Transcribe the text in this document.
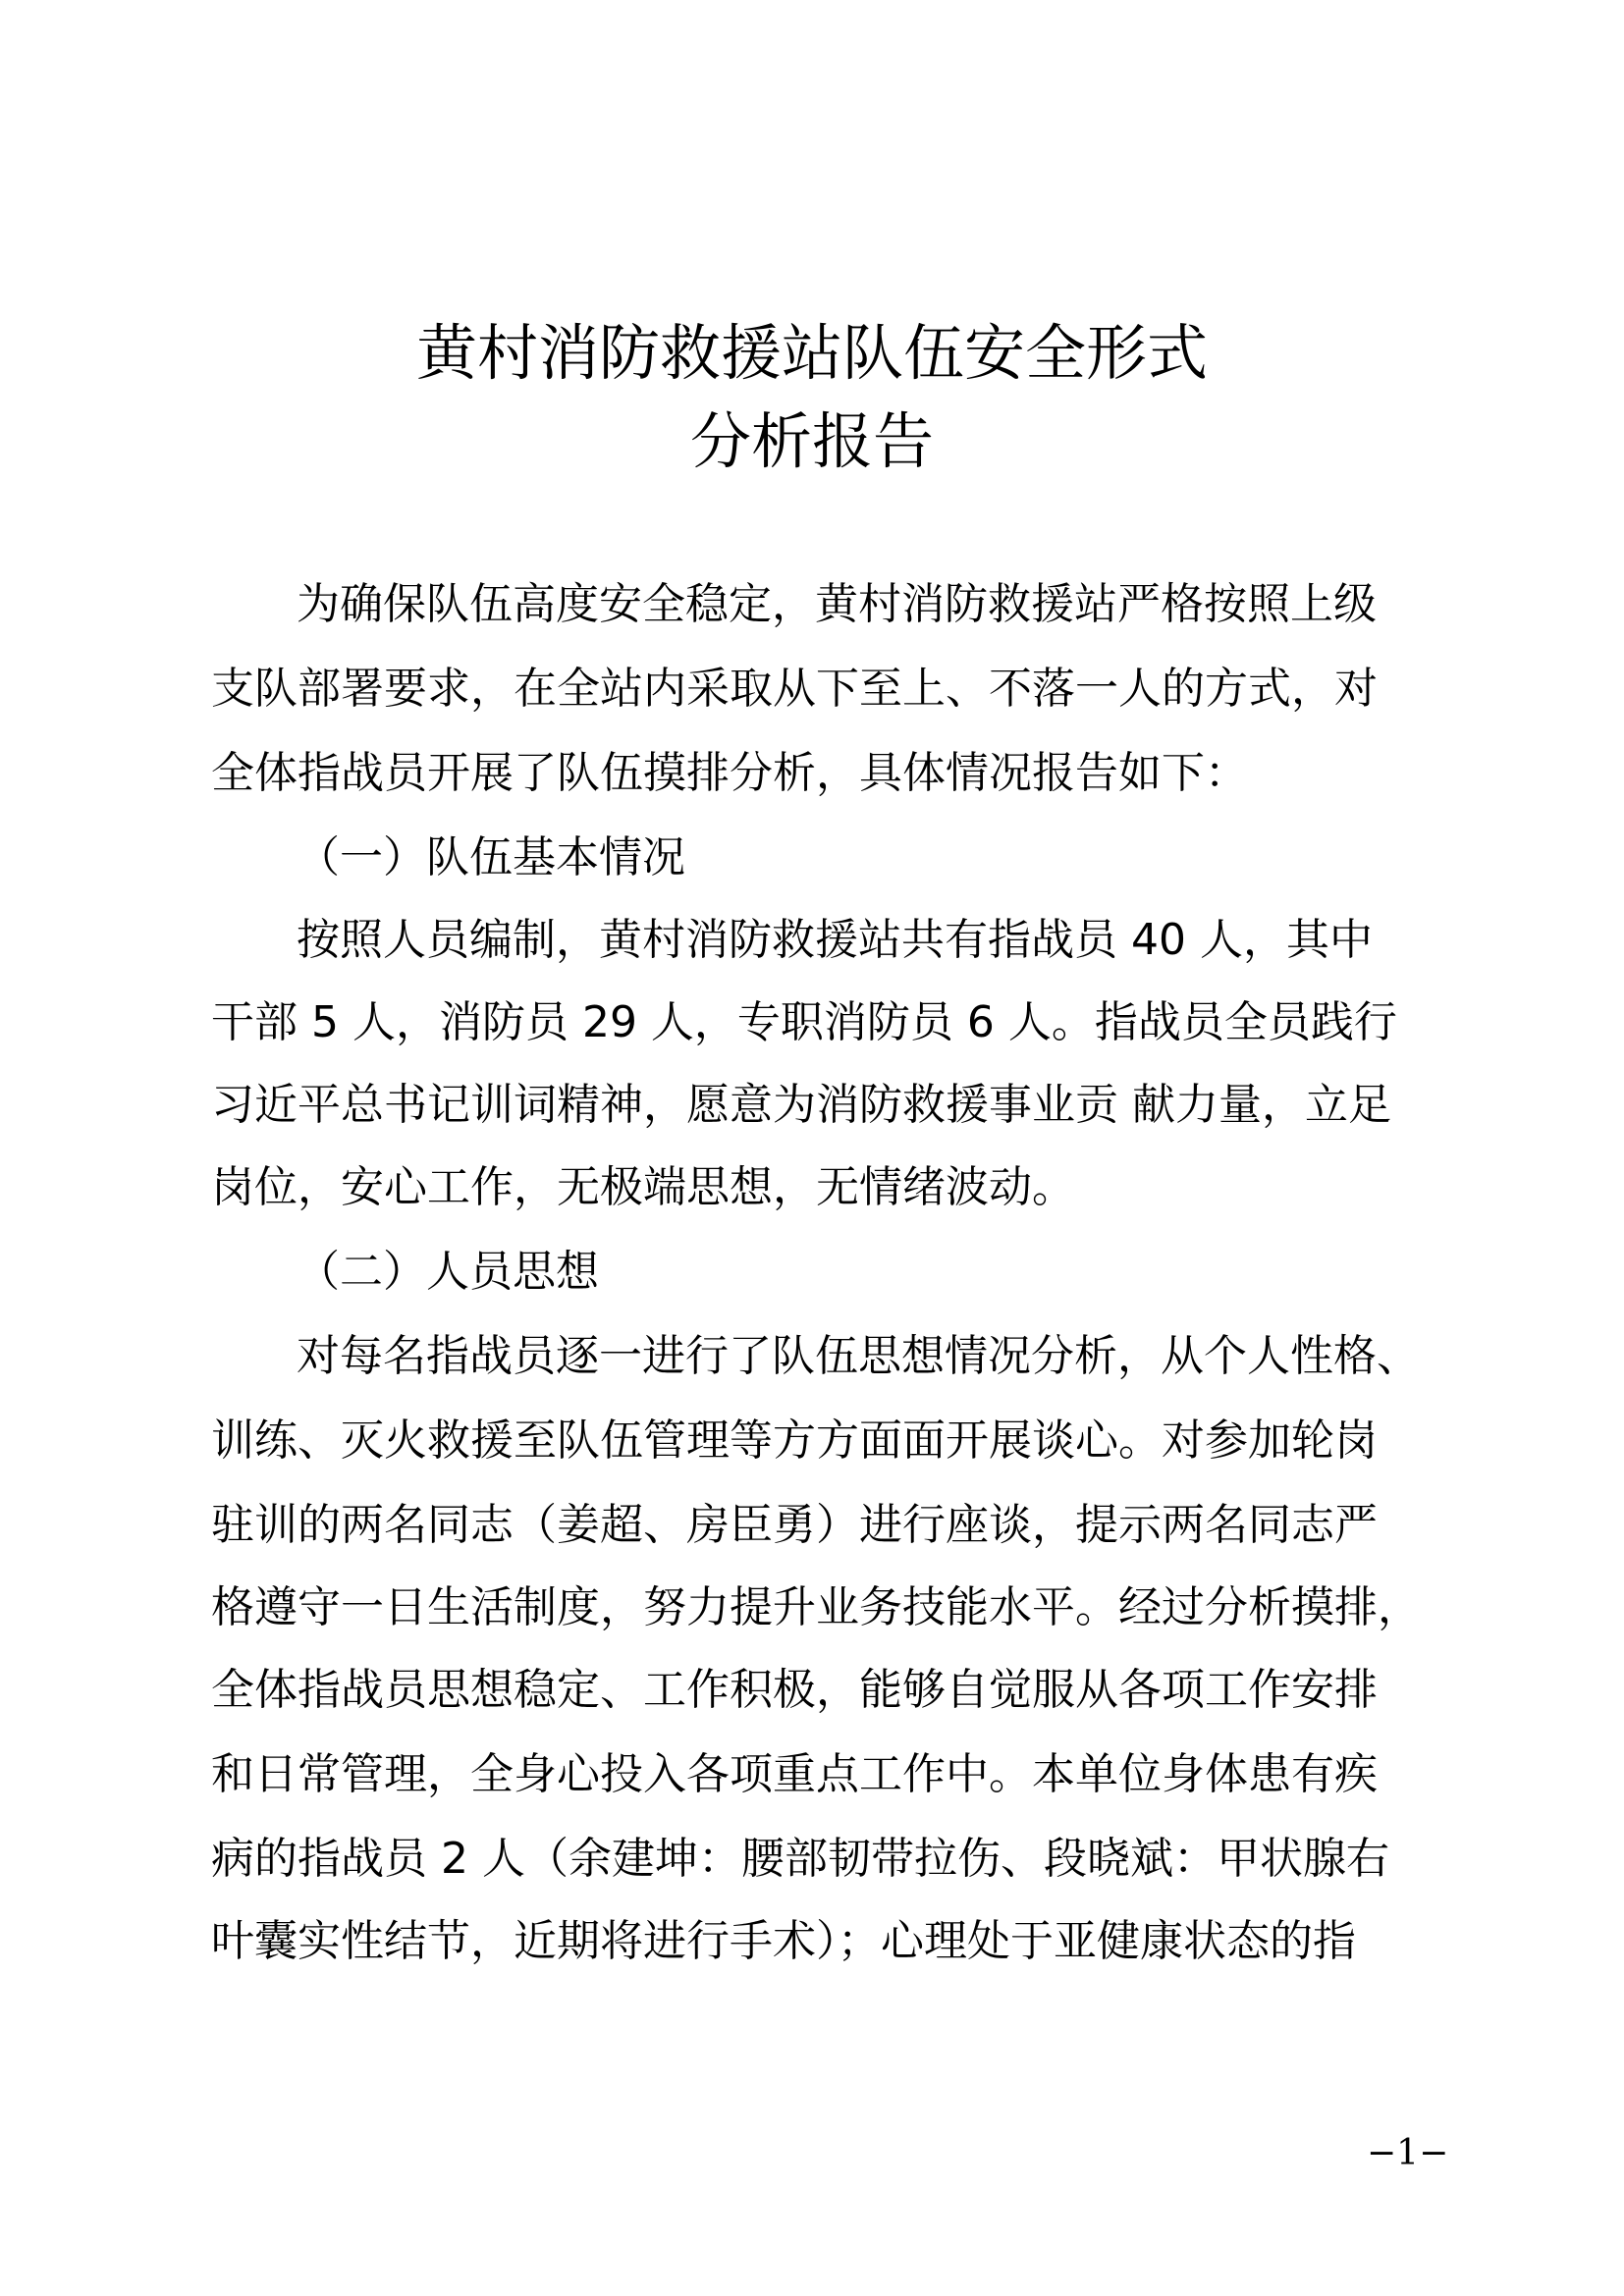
黄村消防救援站队伍安全形式
分析报告

为确保队伍高度安全稳定，黄村消防救援站严格按照上级

支队部署要求，在全站内采取从下至上、不落一人的方式，对

全体指战员开展了队伍摸排分析，具体情况报告如下：

（一）队伍基本情况

按照人员编制，黄村消防救援站共有指战员 40 人，其中

干部 5 人，消防员 29 人，专职消防员 6 人。指战员全员践行

习近平总书记训词精神，愿意为消防救援事业贡 献力量，立足

岗位，安心工作，无极端思想，无情绪波动。

（二）人员思想

对每名指战员逐一进行了队伍思想情况分析，从个人性格、

训练、灭火救援至队伍管理等方方面面开展谈心。对参加轮岗

驻训的两名同志（姜超、房臣勇）进行座谈，提示两名同志严

格遵守一日生活制度，努力提升业务技能水平。经过分析摸排，

全体指战员思想稳定、工作积极，能够自觉服从各项工作安排

和日常管理，全身心投入各项重点工作中。本单位身体患有疾

病的指战员 2 人（余建坤：腰部韧带拉伤、段晓斌：甲状腺右

叶囊实性结节，近期将进行手术）；心理处于亚健康状态的指

−1−
